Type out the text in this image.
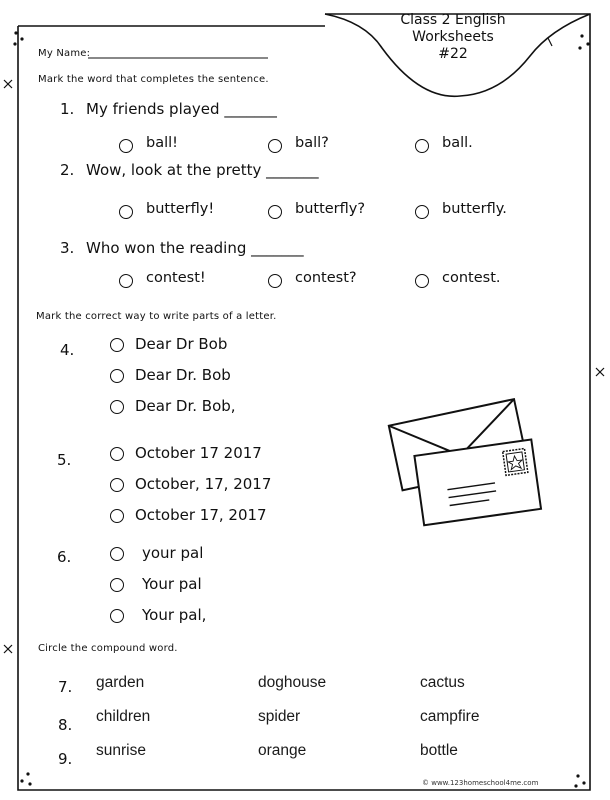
Class 2 English
Worksheets
#22
My Name:
Mark the word that completes the sentence.
1. My friends played _______
ball!	ball?	ball.
2. Wow, look at the pretty _______
butterfly!	butterfly?	butterfly.
3. Who won the reading _______
contest!	contest?	contest.
Mark the correct way to write parts of a letter.
4.	Dear Dr Bob
Dear Dr. Bob
Dear Dr. Bob,
5.	October 17 2017
October, 17, 2017
October 17, 2017
6.	your pal
Your pal
Your pal,
Circle the compound word.
7. garden	doghouse	cactus
8. children	spider	campfire
9. sunrise	orange	bottle
© www.123homeschool4me.com
